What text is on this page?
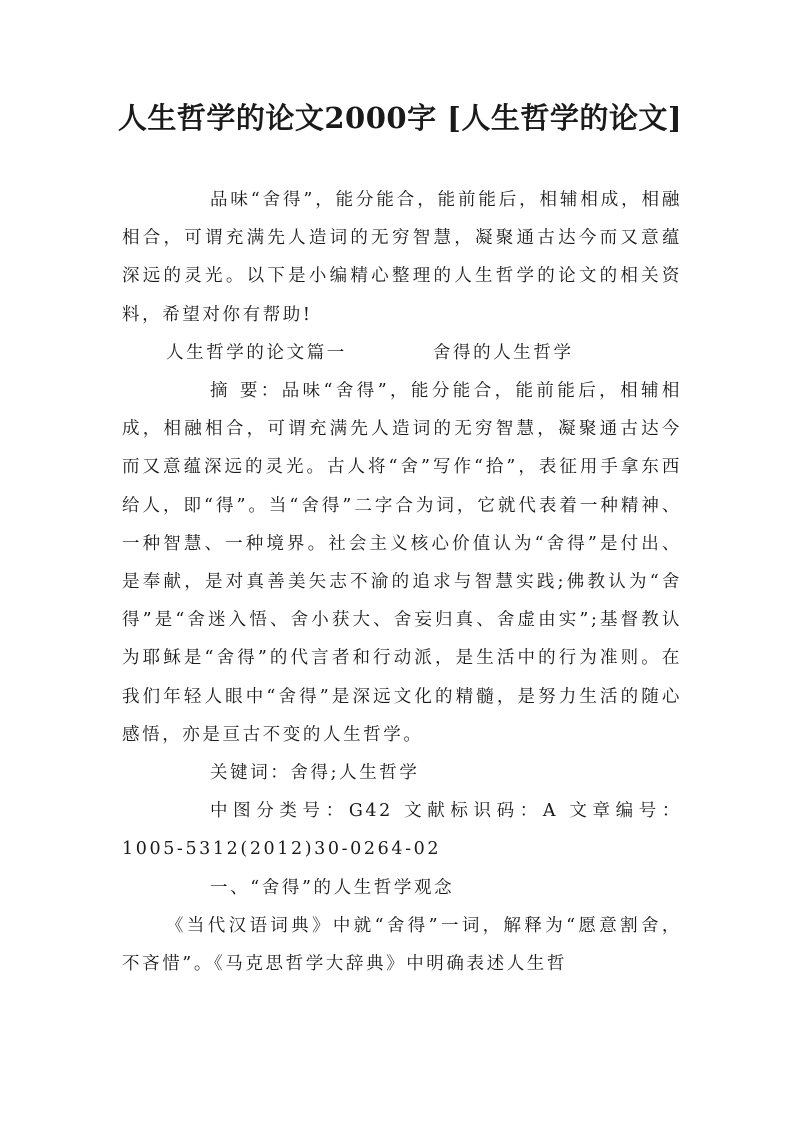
人生哲学的论文2000字 [人生哲学的论文]

品味“舍得”，能分能合，能前能后，相辅相成，相融相合，可谓充满先人造词的无穷智慧，凝聚通古达今而又意蕴深远的灵光。以下是小编精心整理的人生哲学的论文的相关资料，希望对你有帮助!

人生哲学的论文篇一	舍得的人生哲学

摘 要：品味“舍得”，能分能合，能前能后，相辅相成，相融相合，可谓充满先人造词的无穷智慧，凝聚通古达今而又意蕴深远的灵光。古人将“舍”写作“拾”，表征用手拿东西给人，即“得”。当“舍得”二字合为词，它就代表着一种精神、一种智慧、一种境界。社会主义核心价值认为“舍得”是付出、是奉献，是对真善美矢志不渝的追求与智慧实践;佛教认为“舍得”是“舍迷入悟、舍小获大、舍妄归真、舍虚由实”;基督教认为耶稣是“舍得”的代言者和行动派，是生活中的行为准则。在我们年轻人眼中“舍得”是深远文化的精髓，是努力生活的随心感悟，亦是亘古不变的人生哲学。

关键词：舍得;人生哲学

中图分类号：G42 文献标识码：A 文章编号：1005-5312(2012)30-0264-02

一、“舍得”的人生哲学观念

《当代汉语词典》中就“舍得”一词，解释为“愿意割舍，不吝惜”。《马克思哲学大辞典》中明确表述人生哲
